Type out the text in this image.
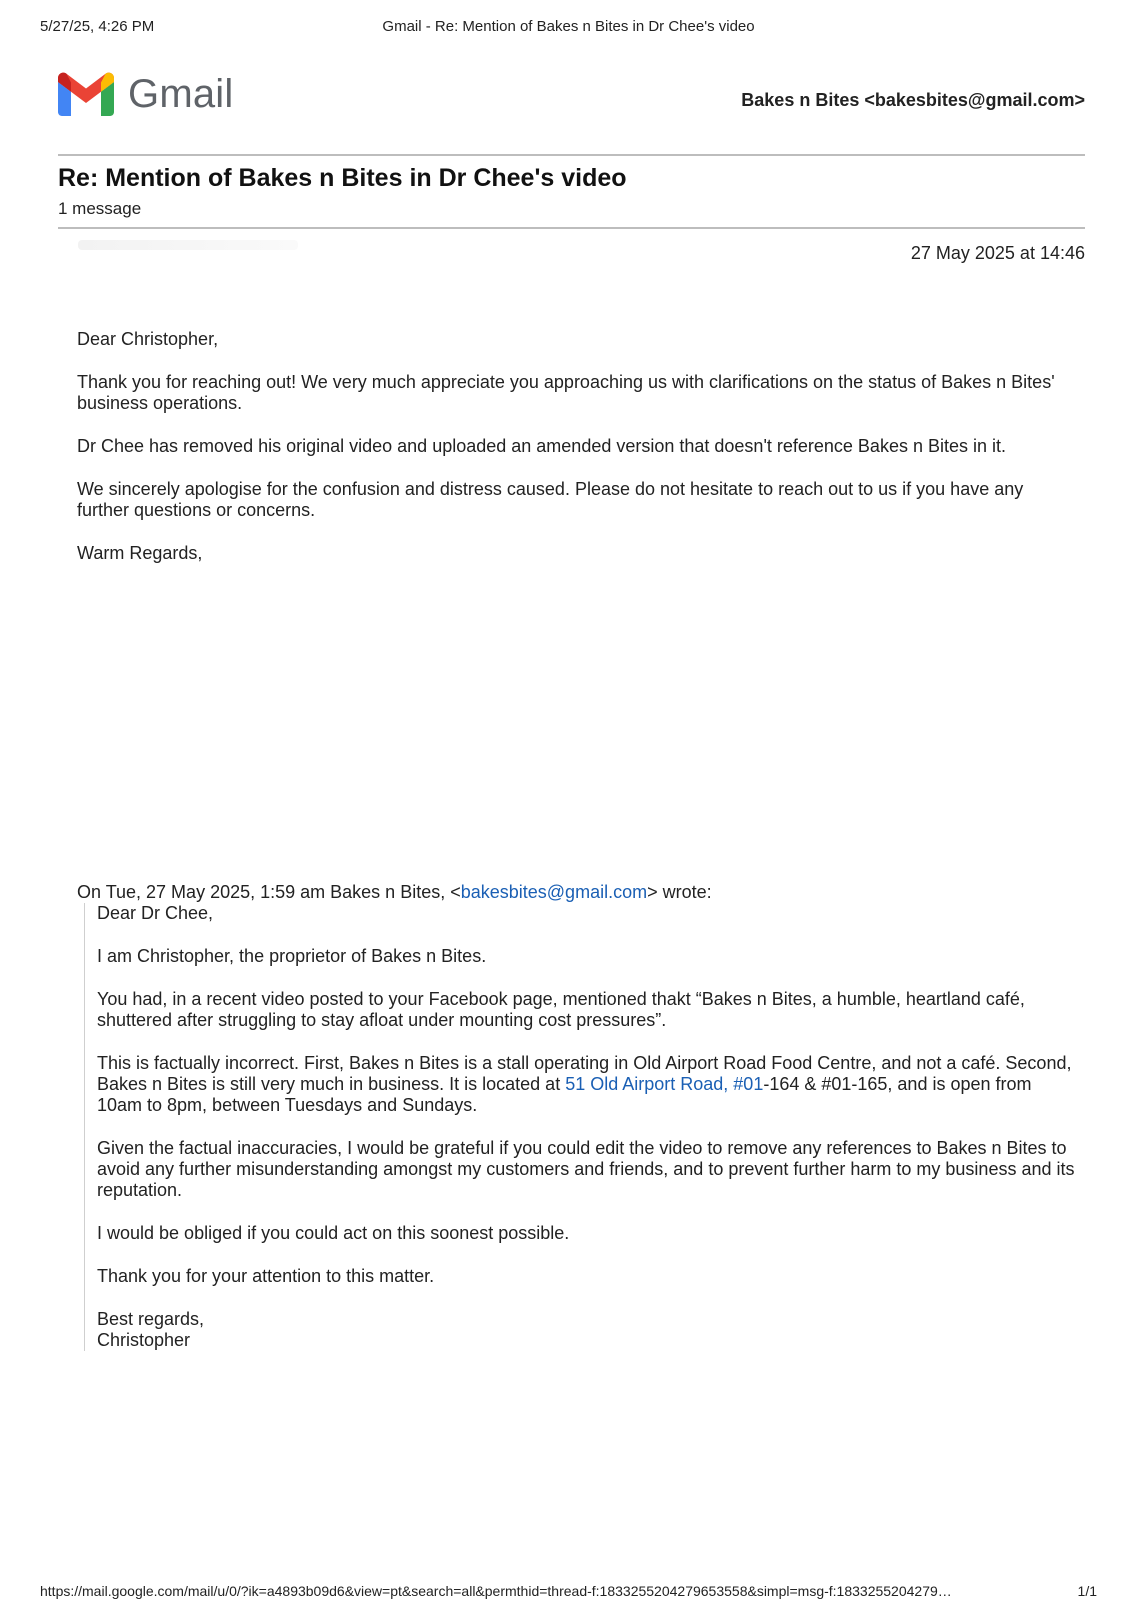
5/27/25, 4:26 PM	Gmail - Re: Mention of Bakes n Bites in Dr Chee's video
Gmail	Bakes n Bites <bakesbites@gmail.com>
Re: Mention of Bakes n Bites in Dr Chee's video
1 message
27 May 2025 at 14:46

Dear Christopher,

Thank you for reaching out! We very much appreciate you approaching us with clarifications on the status of Bakes n Bites' business operations.

Dr Chee has removed his original video and uploaded an amended version that doesn't reference Bakes n Bites in it.

We sincerely apologise for the confusion and distress caused. Please do not hesitate to reach out to us if you have any further questions or concerns.

Warm Regards,

On Tue, 27 May 2025, 1:59 am Bakes n Bites, <bakesbites@gmail.com> wrote:

Dear Dr Chee,

I am Christopher, the proprietor of Bakes n Bites.

You had, in a recent video posted to your Facebook page, mentioned thakt “Bakes n Bites, a humble, heartland café, shuttered after struggling to stay afloat under mounting cost pressures”.

This is factually incorrect. First, Bakes n Bites is a stall operating in Old Airport Road Food Centre, and not a café. Second, Bakes n Bites is still very much in business. It is located at 51 Old Airport Road, #01-164 & #01-165, and is open from 10am to 8pm, between Tuesdays and Sundays.

Given the factual inaccuracies, I would be grateful if you could edit the video to remove any references to Bakes n Bites to avoid any further misunderstanding amongst my customers and friends, and to prevent further harm to my business and its reputation.

I would be obliged if you could act on this soonest possible.

Thank you for your attention to this matter.

Best regards,
Christopher

https://mail.google.com/mail/u/0/?ik=a4893b09d6&view=pt&search=all&permthid=thread-f:1833255204279653558&simpl=msg-f:1833255204279…	1/1
